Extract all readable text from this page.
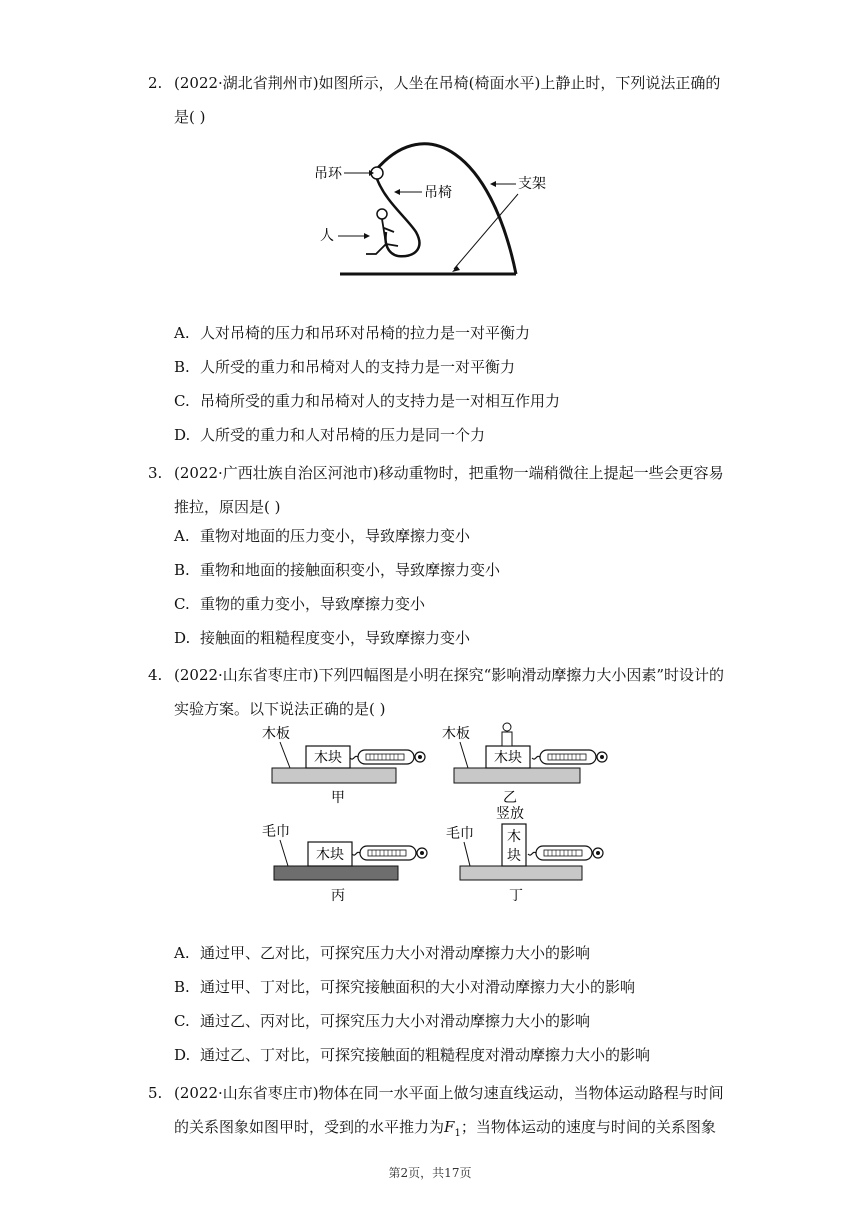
2. (2022·湖北省荆州市)如图所示，人坐在吊椅(椅面水平)上静止时，下列说法正确的是( )
吊环
吊椅
人
支架
A. 人对吊椅的压力和吊环对吊椅的拉力是一对平衡力
B. 人所受的重力和吊椅对人的支持力是一对平衡力
C. 吊椅所受的重力和吊椅对人的支持力是一对相互作用力
D. 人所受的重力和人对吊椅的压力是同一个力
3. (2022·广西壮族自治区河池市)移动重物时，把重物一端稍微往上提起一些会更容易推拉，原因是( )
A. 重物对地面的压力变小，导致摩擦力变小
B. 重物和地面的接触面积变小，导致摩擦力变小
C. 重物的重力变小，导致摩擦力变小
D. 接触面的粗糙程度变小，导致摩擦力变小
4. (2022·山东省枣庄市)下列四幅图是小明在探究“影响滑动摩擦力大小因素”时设计的实验方案。以下说法正确的是( )
木板
木块
甲
木板
木块
乙
毛巾
木块
丙
竖放
毛巾 木
块
丁
A. 通过甲、乙对比，可探究压力大小对滑动摩擦力大小的影响
B. 通过甲、丁对比，可探究接触面积的大小对滑动摩擦力大小的影响
C. 通过乙、丙对比，可探究压力大小对滑动摩擦力大小的影响
D. 通过乙、丁对比，可探究接触面的粗糙程度对滑动摩擦力大小的影响
5. (2022·山东省枣庄市)物体在同一水平面上做匀速直线运动，当物体运动路程与时间的关系图象如图甲时，受到的水平推力为$F_1$；当物体运动的速度与时间的关系图象
第2页，共17页
